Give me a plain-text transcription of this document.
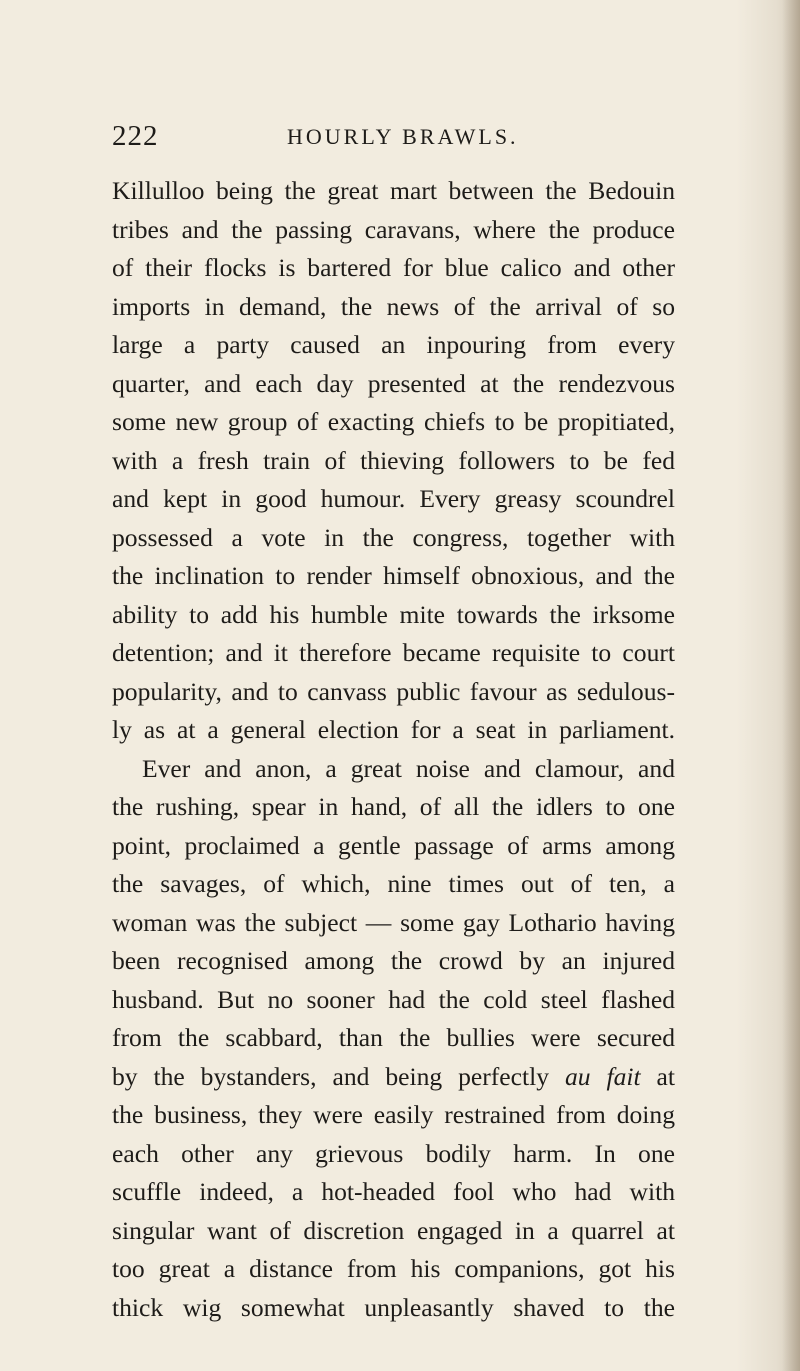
222	HOURLY BRAWLS.
Killulloo being the great mart between the Bedouin
tribes and the passing caravans, where the produce
of their flocks is bartered for blue calico and other
imports in demand, the news of the arrival of so
large a party caused an inpouring from every
quarter, and each day presented at the rendezvous
some new group of exacting chiefs to be propitiated,
with a fresh train of thieving followers to be fed
and kept in good humour. Every greasy scoundrel
possessed a vote in the congress, together with
the inclination to render himself obnoxious, and the
ability to add his humble mite towards the irksome
detention; and it therefore became requisite to court
popularity, and to canvass public favour as sedulous-
ly as at a general election for a seat in parliament.
Ever and anon, a great noise and clamour, and
the rushing, spear in hand, of all the idlers to one
point, proclaimed a gentle passage of arms among
the savages, of which, nine times out of ten, a
woman was the subject — some gay Lothario having
been recognised among the crowd by an injured
husband. But no sooner had the cold steel flashed
from the scabbard, than the bullies were secured
by the bystanders, and being perfectly au fait at
the business, they were easily restrained from doing
each other any grievous bodily harm. In one
scuffle indeed, a hot-headed fool who had with
singular want of discretion engaged in a quarrel at
too great a distance from his companions, got his
thick wig somewhat unpleasantly shaved to the
